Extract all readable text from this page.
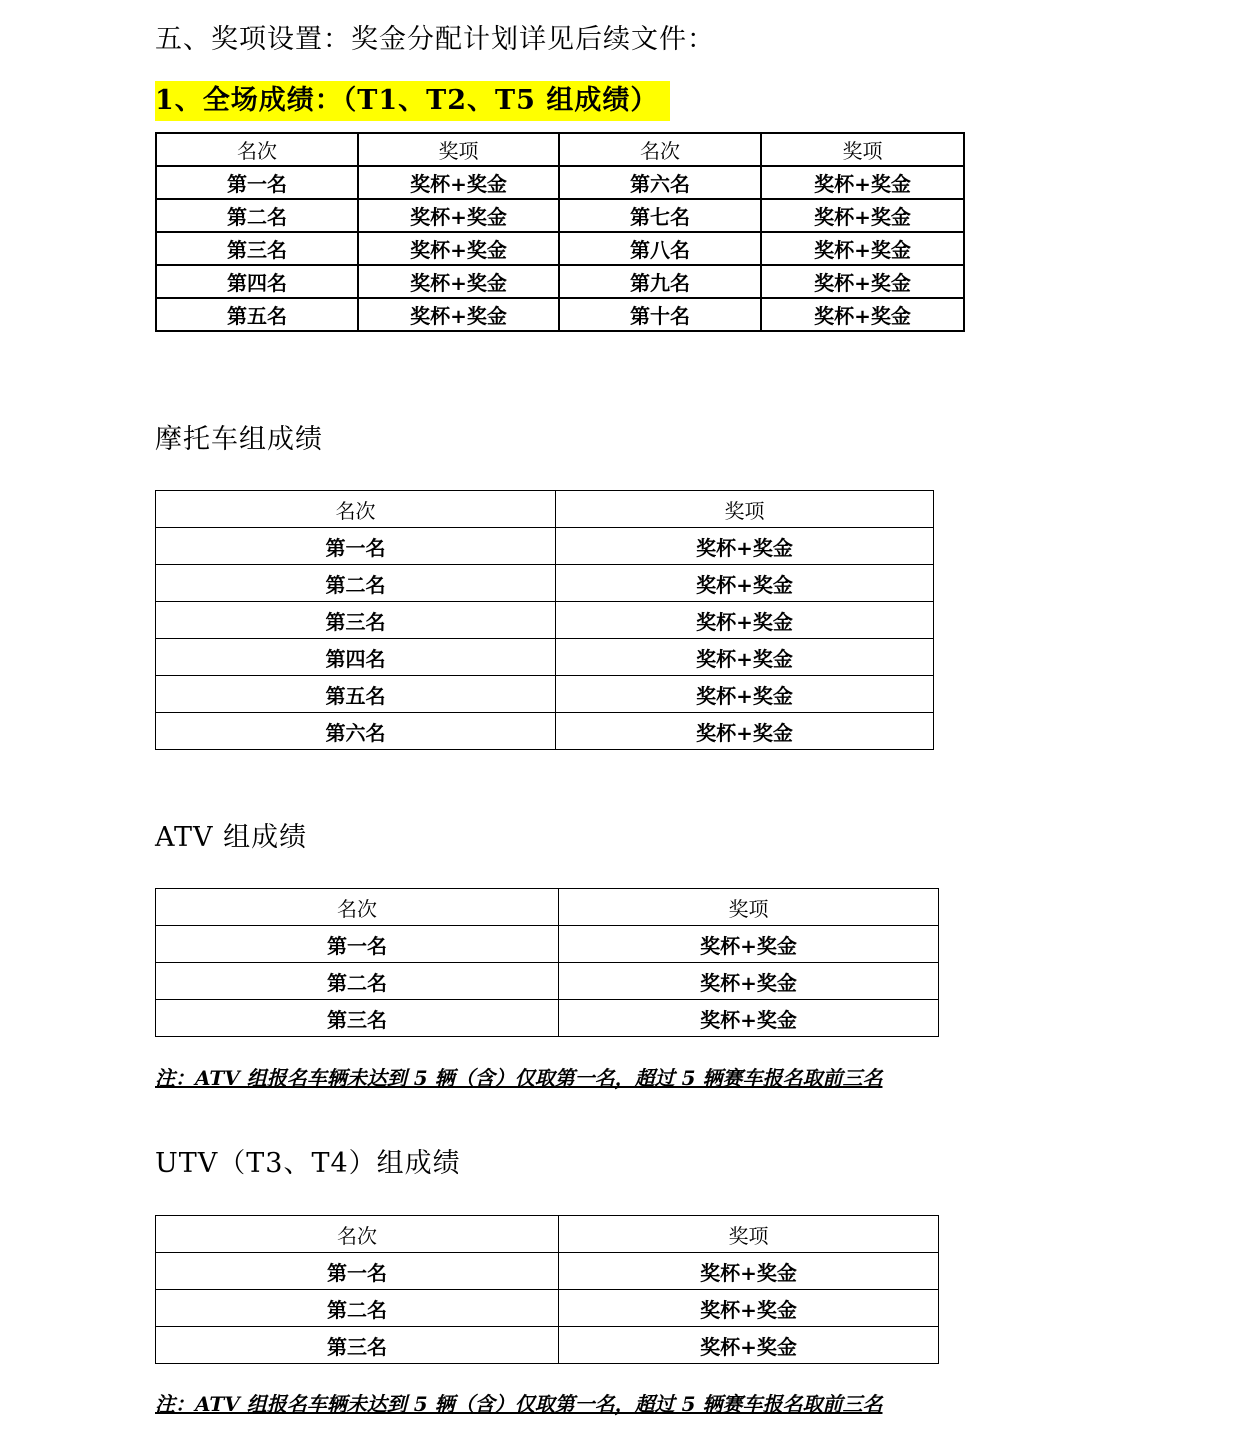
五、奖项设置：奖金分配计划详见后续文件：
1、全场成绩：（T1、T2、T5 组成绩）
名次	奖项	名次	奖项
第一名	奖杯+奖金	第六名	奖杯+奖金
第二名	奖杯+奖金	第七名	奖杯+奖金
第三名	奖杯+奖金	第八名	奖杯+奖金
第四名	奖杯+奖金	第九名	奖杯+奖金
第五名	奖杯+奖金	第十名	奖杯+奖金
摩托车组成绩
名次	奖项
第一名	奖杯+奖金
第二名	奖杯+奖金
第三名	奖杯+奖金
第四名	奖杯+奖金
第五名	奖杯+奖金
第六名	奖杯+奖金
ATV 组成绩
名次	奖项
第一名	奖杯+奖金
第二名	奖杯+奖金
第三名	奖杯+奖金
注：ATV 组报名车辆未达到 5 辆（含）仅取第一名，超过 5 辆赛车报名取前三名
UTV（T3、T4）组成绩
名次	奖项
第一名	奖杯+奖金
第二名	奖杯+奖金
第三名	奖杯+奖金
注：ATV 组报名车辆未达到 5 辆（含）仅取第一名，超过 5 辆赛车报名取前三名
